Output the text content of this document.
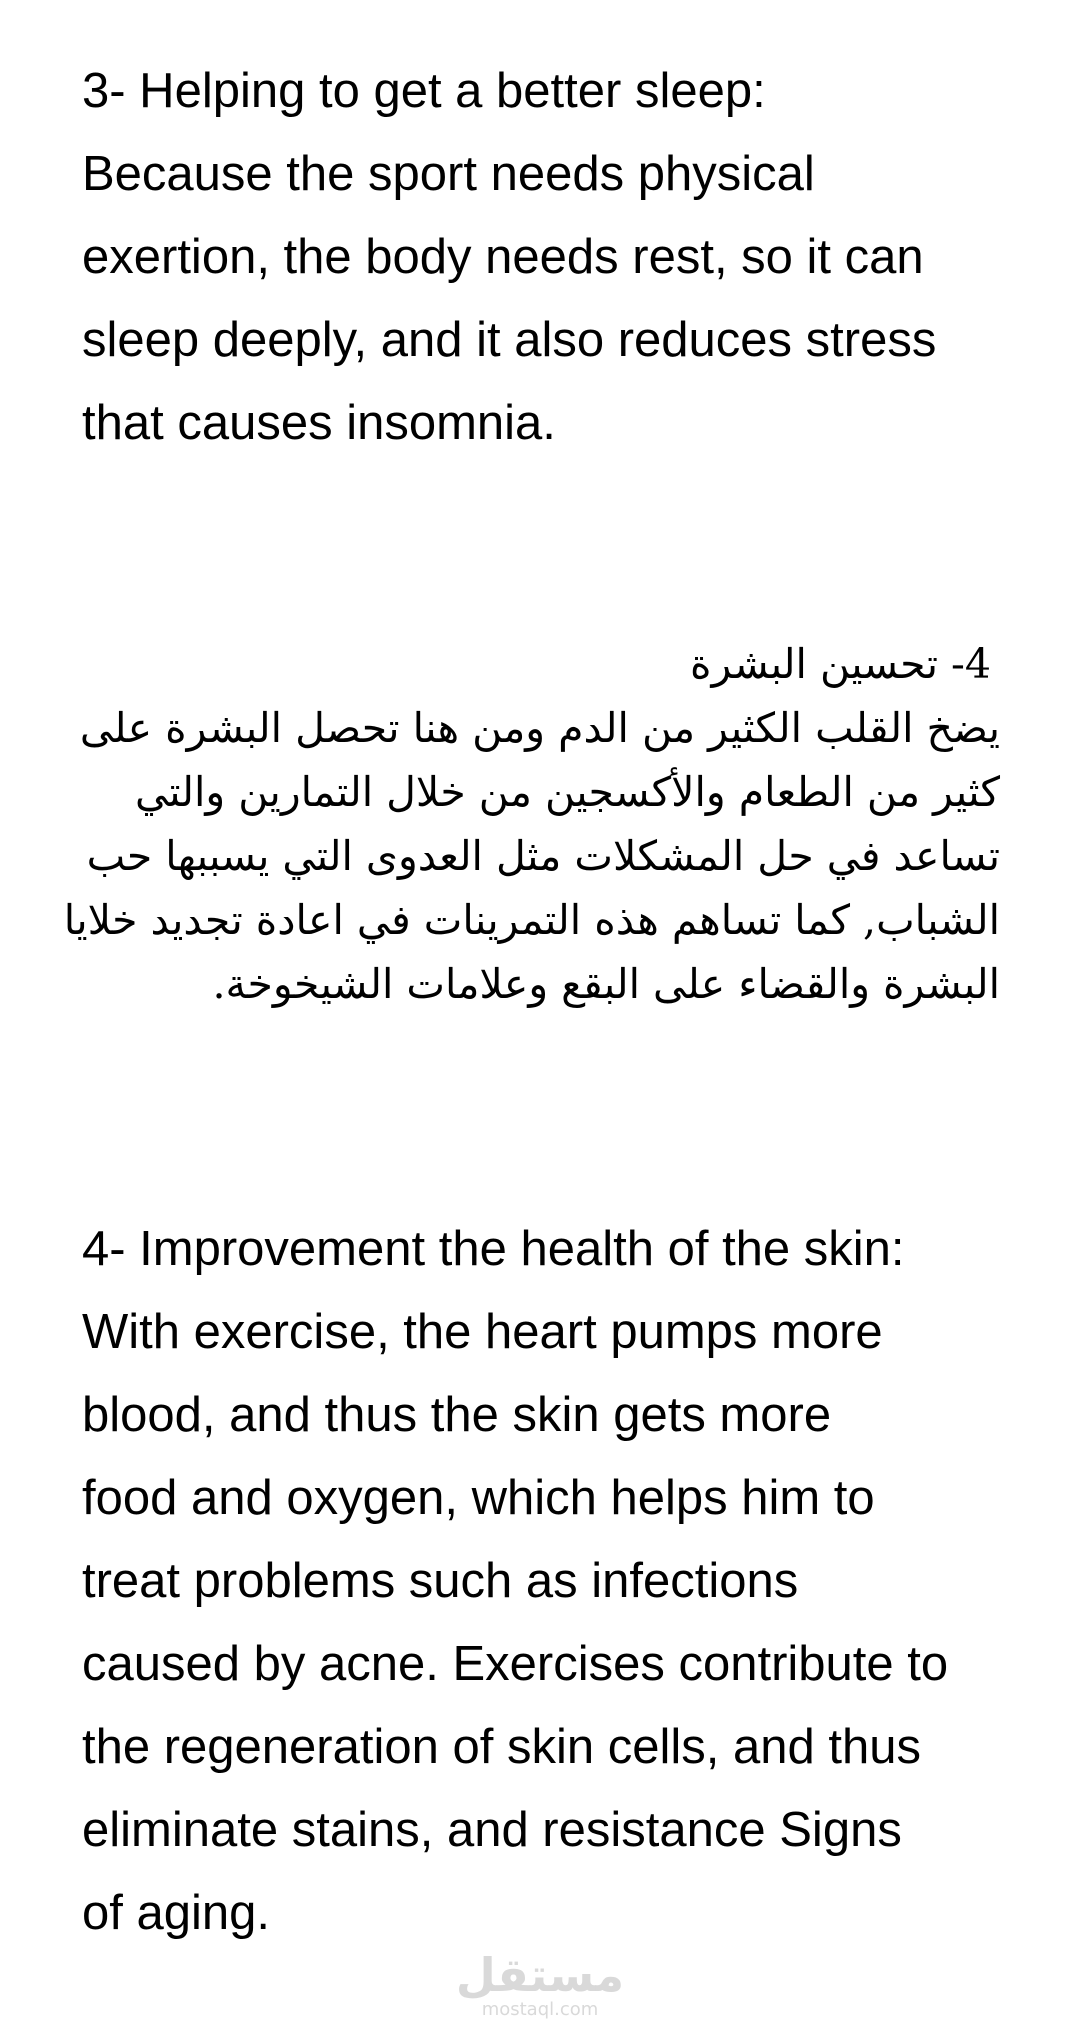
3- Helping to get a better sleep:

Because the sport needs physical

exertion, the body needs rest, so it can

sleep deeply, and it also reduces stress

that causes insomnia.

4- تحسين البشرة

يضخ القلب الكثير من الدم ومن هنا تحصل البشرة على

كثير من الطعام والأكسجين من خلال التمارين والتي

تساعد في حل المشكلات مثل العدوى التي يسببها حب

الشباب, كما تساهم هذه التمرينات في اعادة تجديد خلايا

البشرة والقضاء على البقع وعلامات الشيخوخة.

4- Improvement the health of the skin:

With exercise, the heart pumps more

blood, and thus the skin gets more

food and oxygen, which helps him to

treat problems such as infections

caused by acne. Exercises contribute to

the regeneration of skin cells, and thus

eliminate stains, and resistance Signs

of aging.

مستقل
mostaql.com
